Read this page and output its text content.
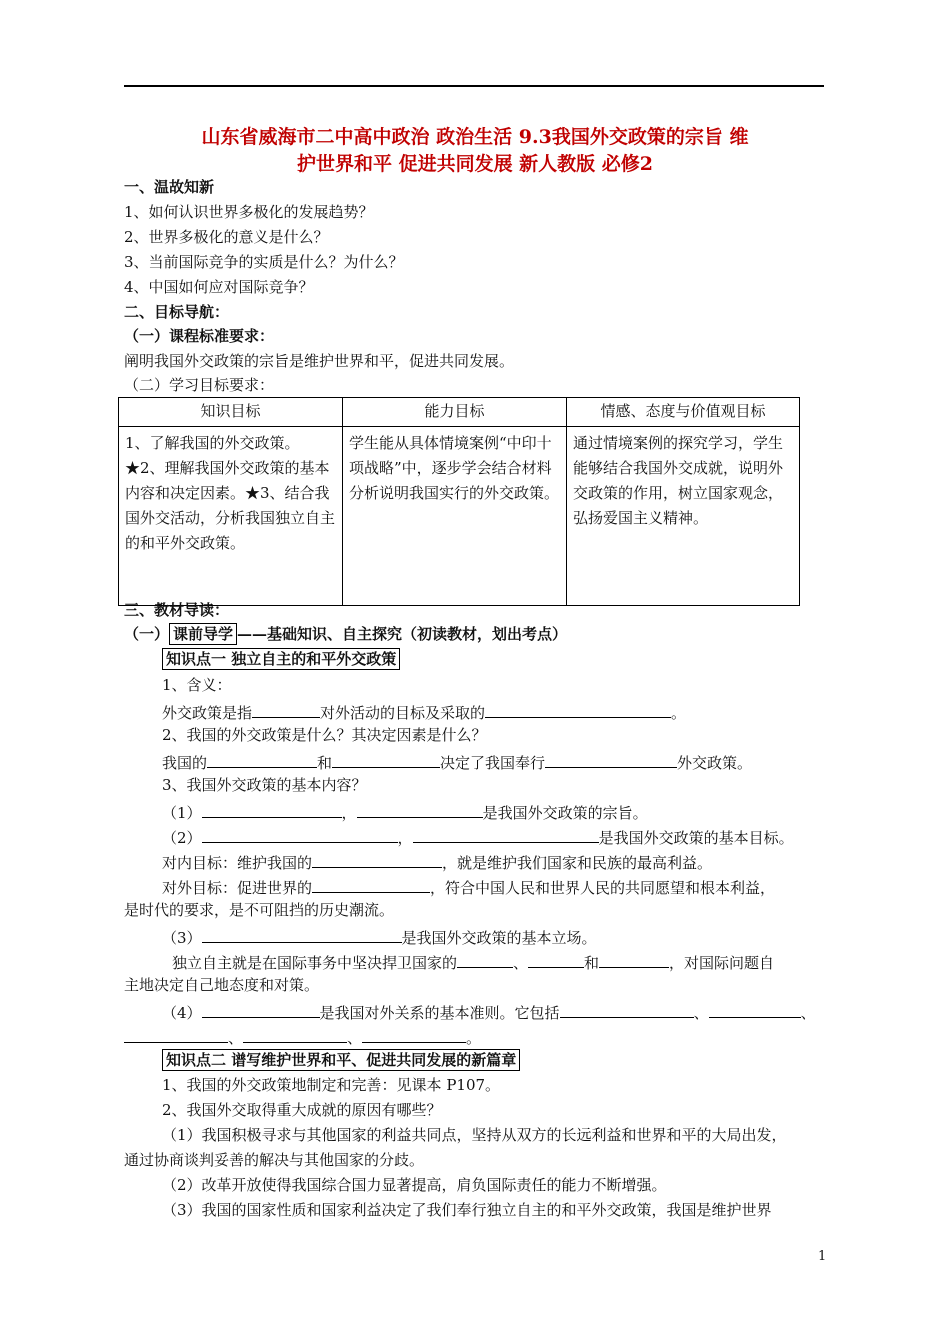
山东省威海市二中高中政治 政治生活 9.3我国外交政策的宗旨 维
护世界和平 促进共同发展 新人教版 必修2
一、温故知新
1、如何认识世界多极化的发展趋势？
2、世界多极化的意义是什么？
3、当前国际竞争的实质是什么？为什么？
4、中国如何应对国际竞争？
二、目标导航：
（一）课程标准要求：
阐明我国外交政策的宗旨是维护世界和平，促进共同发展。
（二）学习目标要求：
知识目标	能力目标	情感、态度与价值观目标
1、了解我国的外交政策。★2、理解我国外交政策的基本内容和决定因素。★3、结合我国外交活动，分析我国独立自主的和平外交政策。	学生能从具体情境案例“中印十项战略”中，逐步学会结合材料分析说明我国实行的外交政策。	通过情境案例的探究学习，学生能够结合我国外交成就，说明外交政策的作用，树立国家观念，弘扬爱国主义精神。
三、教材导读：
（一） 课前导学 ——基础知识、自主探究（初读教材，划出考点）
知识点一 独立自主的和平外交政策
1、含义：
外交政策是指	对外活动的目标及采取的	。
2、我国的外交政策是什么？其决定因素是什么？
我国的	和	决定了我国奉行	外交政策。
3、我国外交政策的基本内容？
（1）	，	是我国外交政策的宗旨。
（2）	，	是我国外交政策的基本目标。
对内目标：维护我国的	，就是维护我们国家和民族的最高利益。
对外目标：促进世界的	，符合中国人民和世界人民的共同愿望和根本利益，
是时代的要求，是不可阻挡的历史潮流。
（3）	是我国外交政策的基本立场。
独立自主就是在国际事务中坚决捍卫国家的	、	和	，对国际问题自
主地决定自己地态度和对策。
（4）	是我国对外关系的基本准则。它包括	、	、
、	、	。
知识点二 谱写维护世界和平、促进共同发展的新篇章
1、我国的外交政策地制定和完善：见课本 P107。
2、我国外交取得重大成就的原因有哪些？
（1）我国积极寻求与其他国家的利益共同点，坚持从双方的长远利益和世界和平的大局出发，
通过协商谈判妥善的解决与其他国家的分歧。
（2）改革开放使得我国综合国力显著提高，肩负国际责任的能力不断增强。
（3）我国的国家性质和国家利益决定了我们奉行独立自主的和平外交政策，我国是维护世界
1
